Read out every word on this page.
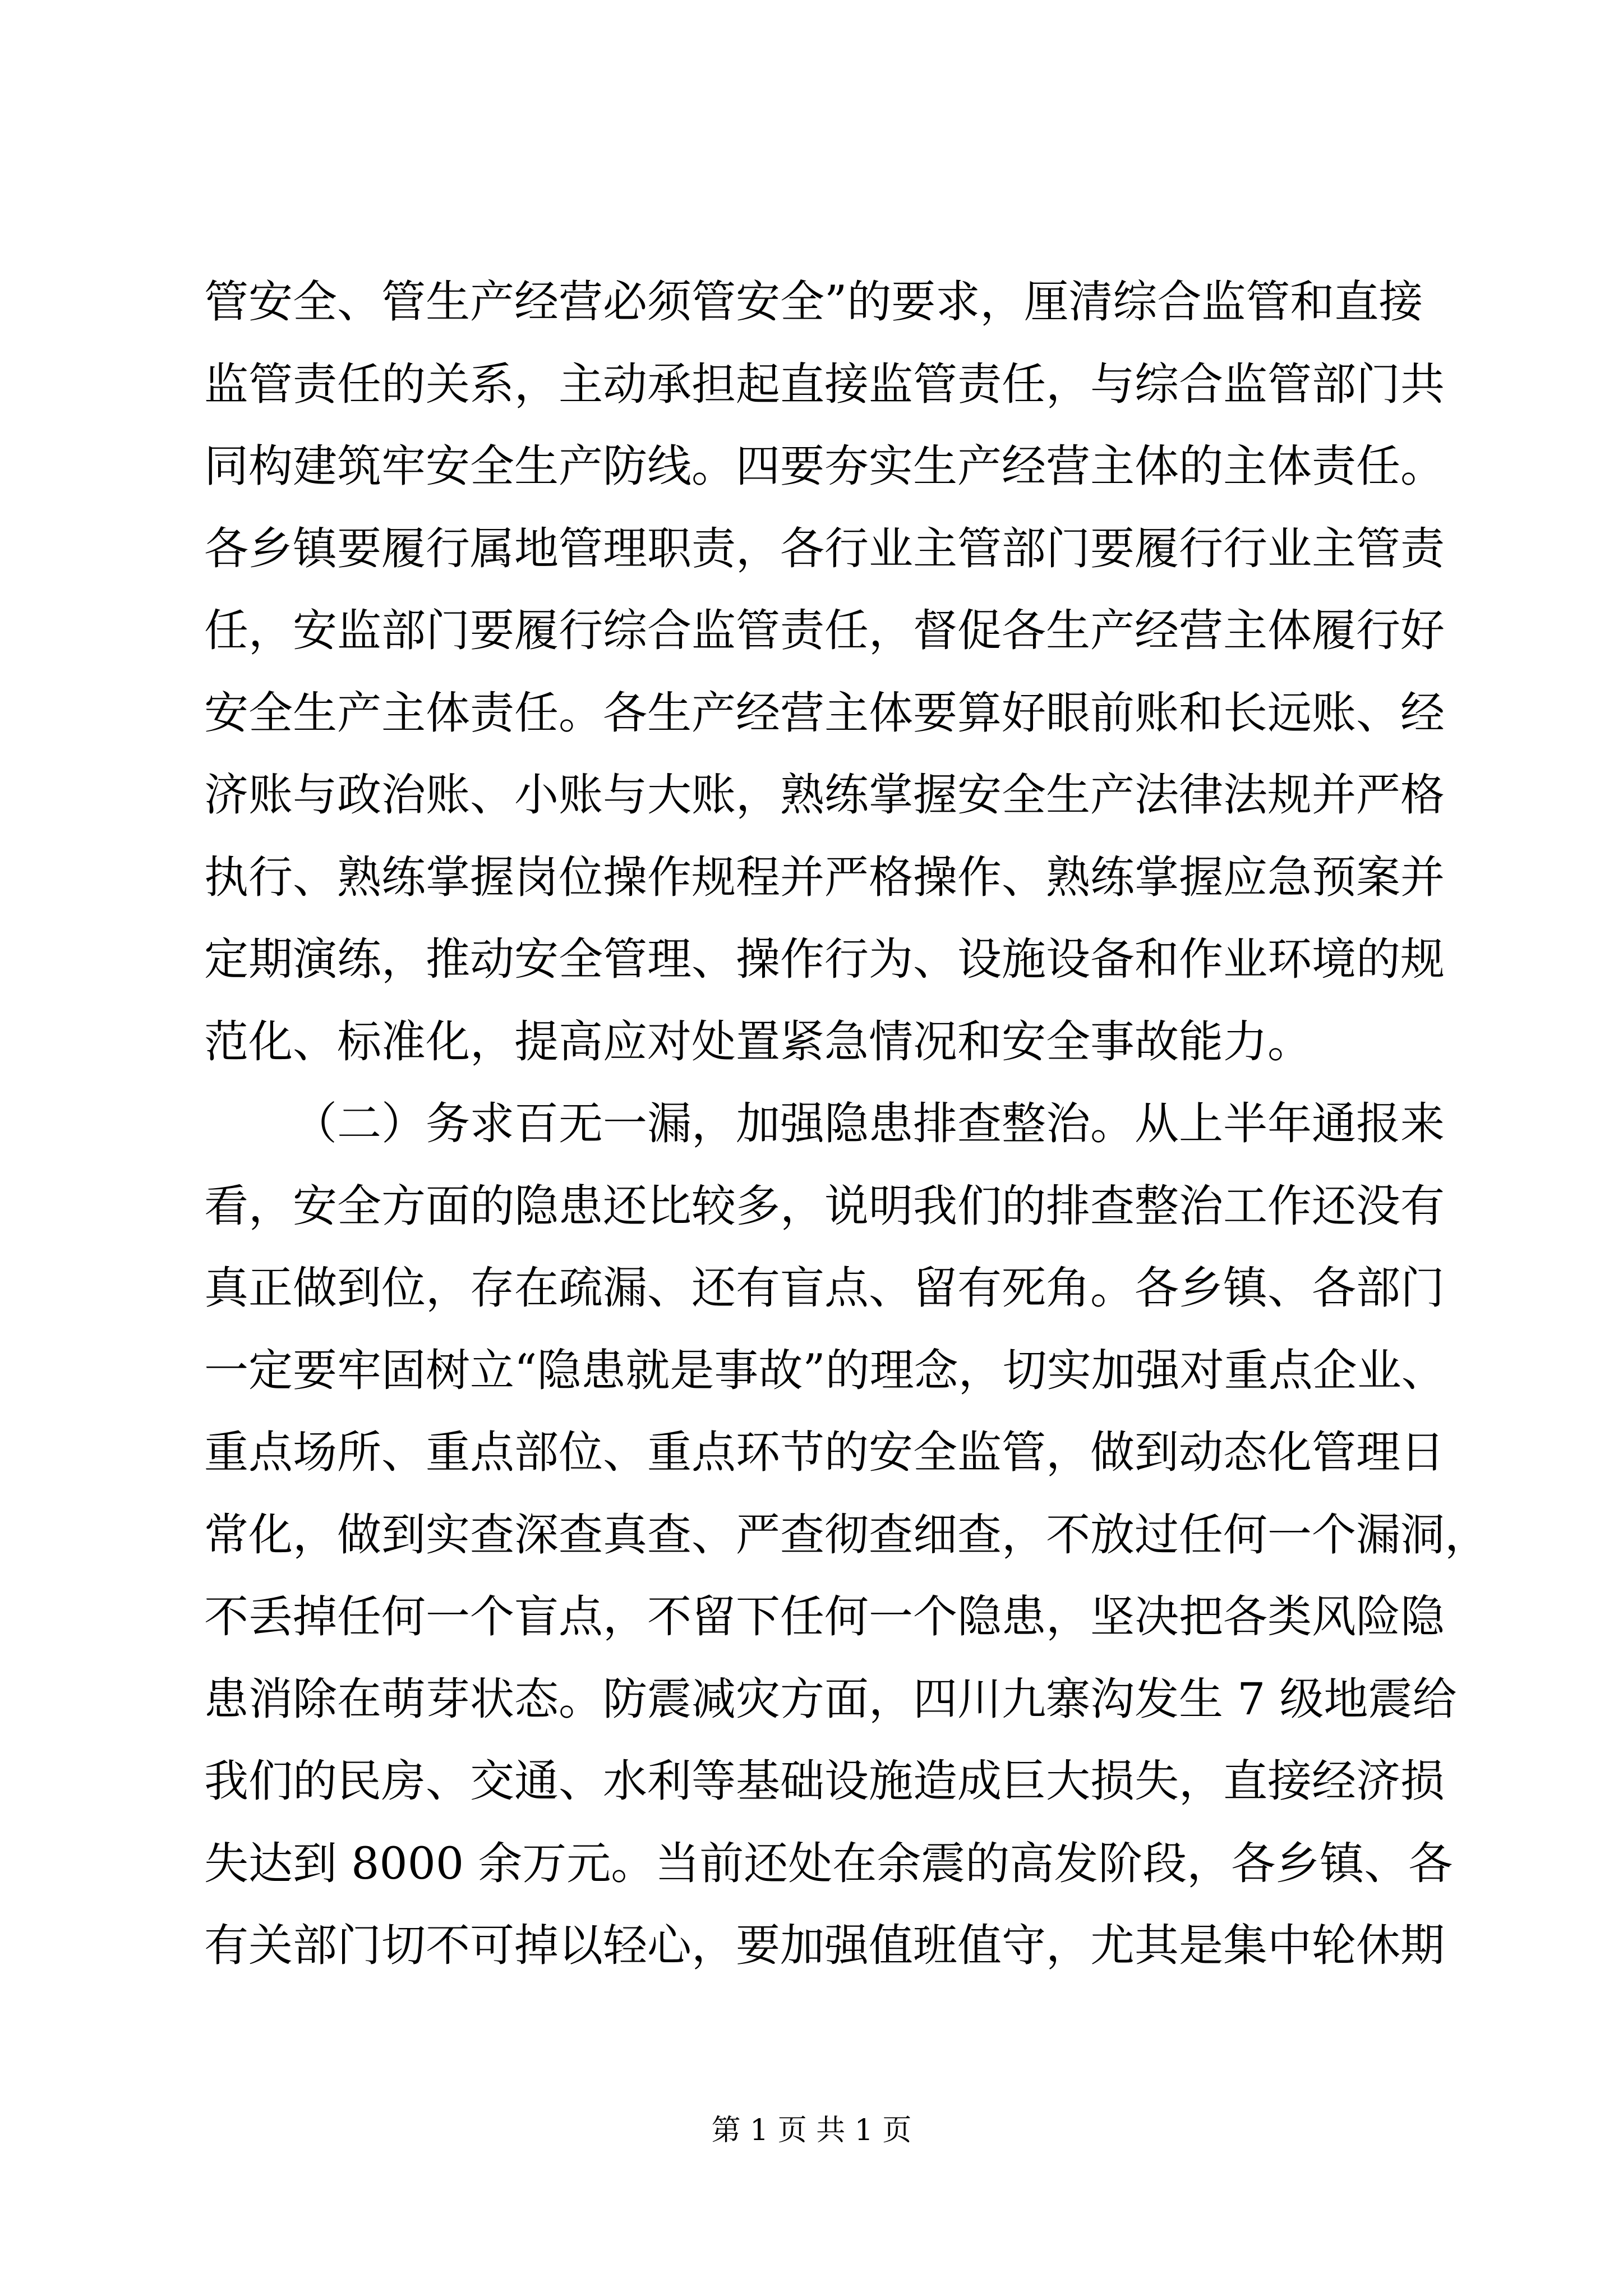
管安全、管生产经营必须管安全”的要求，厘清综合监管和直接
监管责任的关系，主动承担起直接监管责任，与综合监管部门共
同构建筑牢安全生产防线。四要夯实生产经营主体的主体责任。
各乡镇要履行属地管理职责，各行业主管部门要履行行业主管责
任，安监部门要履行综合监管责任，督促各生产经营主体履行好
安全生产主体责任。各生产经营主体要算好眼前账和长远账、经
济账与政治账、小账与大账，熟练掌握安全生产法律法规并严格
执行、熟练掌握岗位操作规程并严格操作、熟练掌握应急预案并
定期演练，推动安全管理、操作行为、设施设备和作业环境的规
范化、标准化，提高应对处置紧急情况和安全事故能力。
（二）务求百无一漏，加强隐患排查整治。从上半年通报来
看，安全方面的隐患还比较多，说明我们的排查整治工作还没有
真正做到位，存在疏漏、还有盲点、留有死角。各乡镇、各部门
一定要牢固树立“隐患就是事故”的理念，切实加强对重点企业、
重点场所、重点部位、重点环节的安全监管，做到动态化管理日
常化，做到实查深查真查、严查彻查细查，不放过任何一个漏洞，
不丢掉任何一个盲点，不留下任何一个隐患，坚决把各类风险隐
患消除在萌芽状态。防震减灾方面，四川九寨沟发生 7 级地震给
我们的民房、交通、水利等基础设施造成巨大损失，直接经济损
失达到 8000 余万元。当前还处在余震的高发阶段，各乡镇、各
有关部门切不可掉以轻心，要加强值班值守，尤其是集中轮休期
第 1 页 共 1 页
